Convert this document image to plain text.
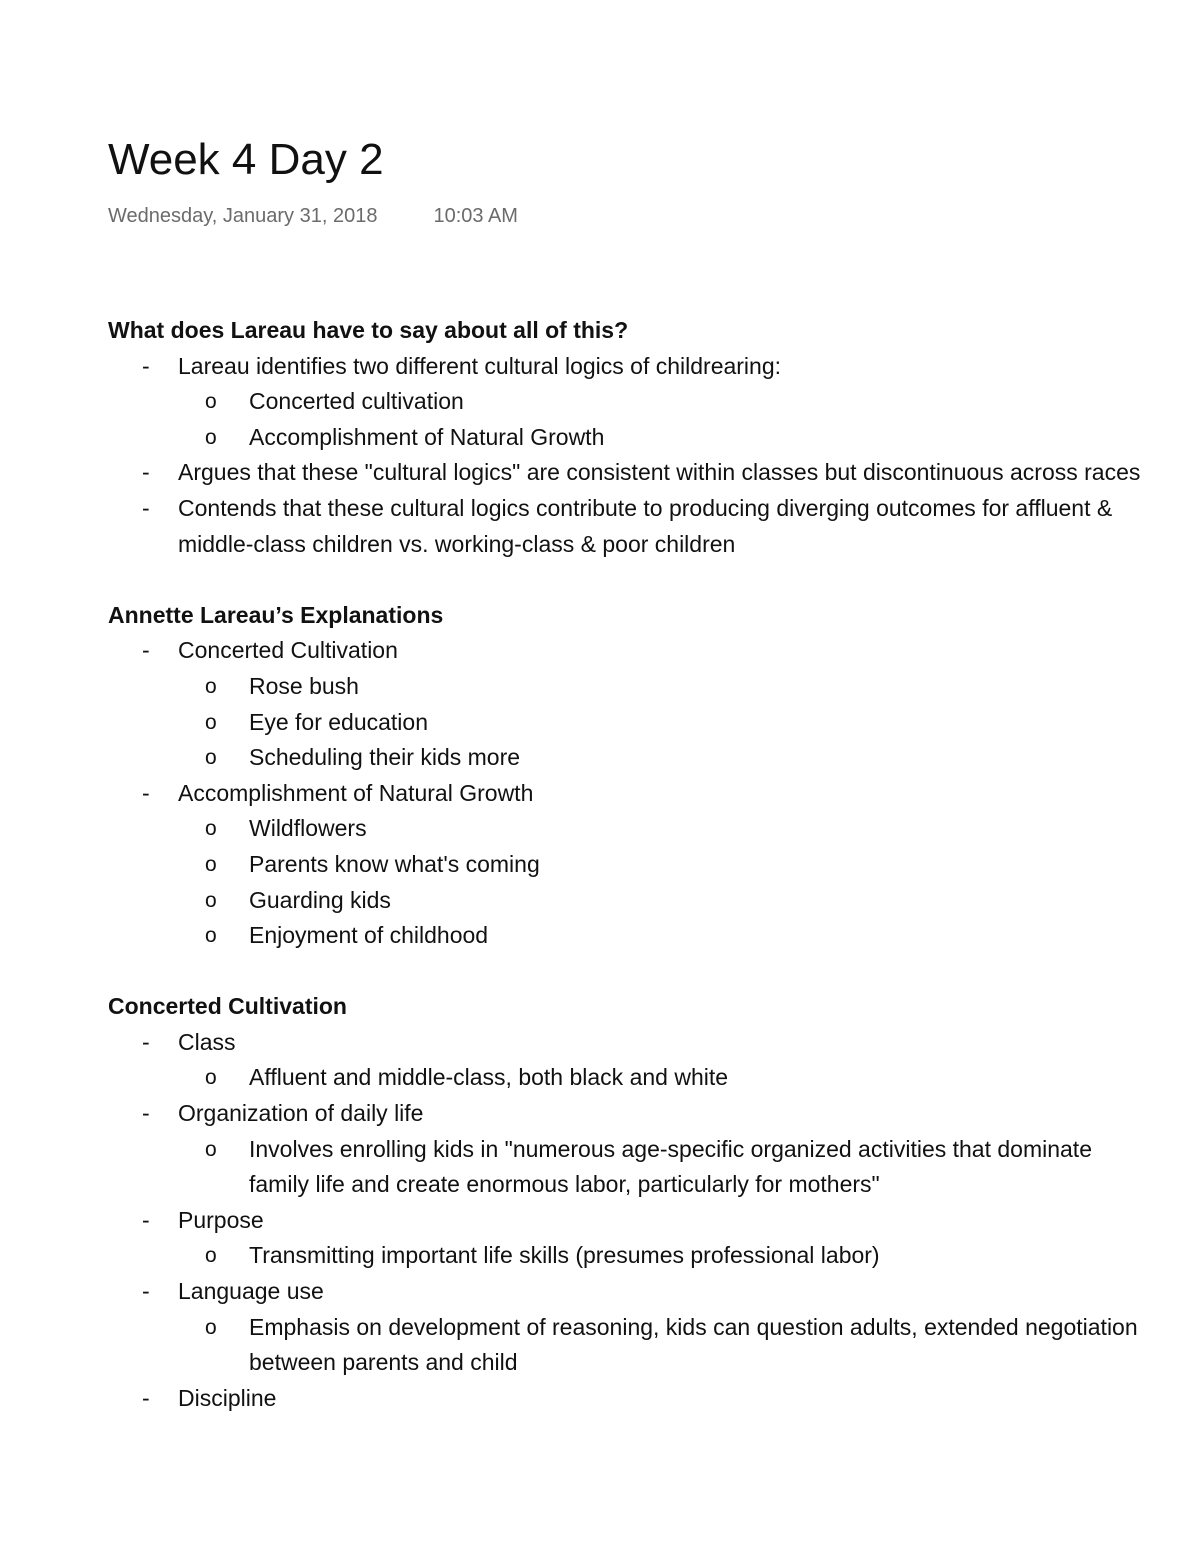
Week 4 Day 2
Wednesday, January 31, 2018	10:03 AM
What does Lareau have to say about all of this?
- Lareau identifies two different cultural logics of childrearing:
o Concerted cultivation
o Accomplishment of Natural Growth
- Argues that these "cultural logics" are consistent within classes but discontinuous across races
- Contends that these cultural logics contribute to producing diverging outcomes for affluent & middle-class children vs. working-class & poor children
Annette Lareau’s Explanations
- Concerted Cultivation
o Rose bush
o Eye for education
o Scheduling their kids more
- Accomplishment of Natural Growth
o Wildflowers
o Parents know what's coming
o Guarding kids
o Enjoyment of childhood
Concerted Cultivation
- Class
o Affluent and middle-class, both black and white
- Organization of daily life
o Involves enrolling kids in "numerous age-specific organized activities that dominate family life and create enormous labor, particularly for mothers"
- Purpose
o Transmitting important life skills (presumes professional labor)
- Language use
o Emphasis on development of reasoning, kids can question adults, extended negotiation between parents and child
- Discipline
